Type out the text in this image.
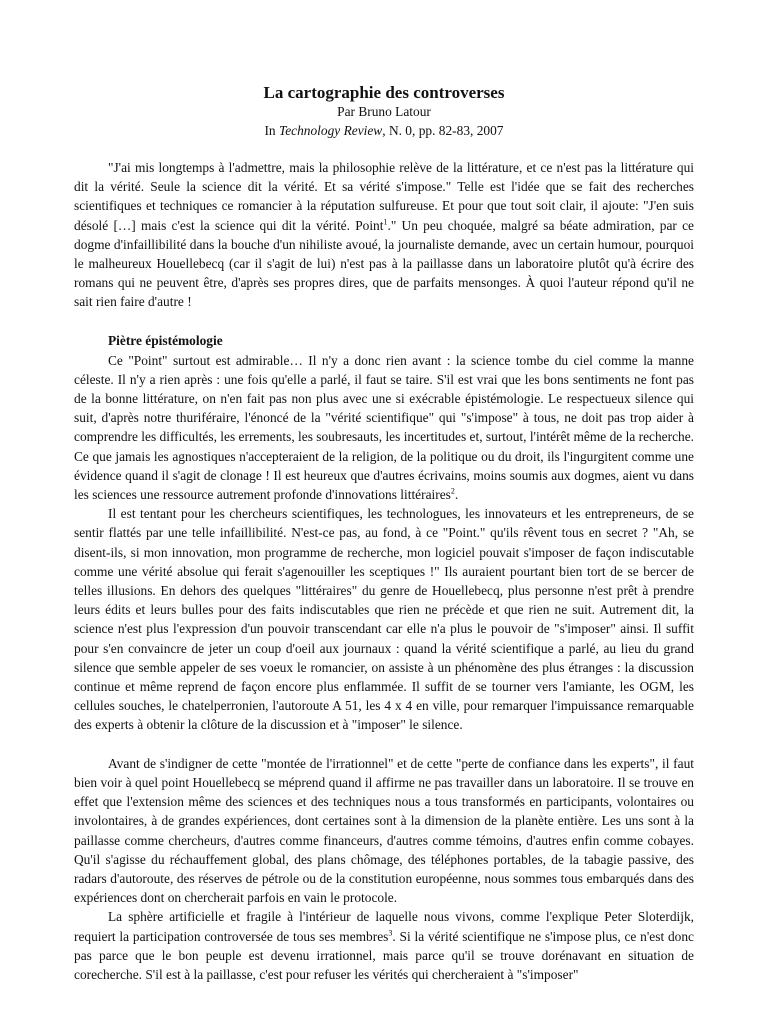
La cartographie des controverses
Par Bruno Latour
In Technology Review, N. 0, pp. 82-83, 2007

"J'ai mis longtemps à l'admettre, mais la philosophie relève de la littérature, et ce n'est pas la littérature qui dit la vérité. Seule la science dit la vérité. Et sa vérité s'impose." Telle est l'idée que se fait des recherches scientifiques et techniques ce romancier à la réputation sulfureuse. Et pour que tout soit clair, il ajoute: "J'en suis désolé […] mais c'est la science qui dit la vérité. Point$^1$." Un peu choquée, malgré sa béate admiration, par ce dogme d'infaillibilité dans la bouche d'un nihiliste avoué, la journaliste demande, avec un certain humour, pourquoi le malheureux Houellebecq (car il s'agit de lui) n'est pas à la paillasse dans un laboratoire plutôt qu'à écrire des romans qui ne peuvent être, d'après ses propres dires, que de parfaits mensonges. À quoi l'auteur répond qu'il ne sait rien faire d'autre !

Piètre épistémologie

Ce "Point" surtout est admirable… Il n'y a donc rien avant : la science tombe du ciel comme la manne céleste. Il n'y a rien après : une fois qu'elle a parlé, il faut se taire. S'il est vrai que les bons sentiments ne font pas de la bonne littérature, on n'en fait pas non plus avec une si exécrable épistémologie. Le respectueux silence qui suit, d'après notre thuriféraire, l'énoncé de la "vérité scientifique" qui "s'impose" à tous, ne doit pas trop aider à comprendre les difficultés, les errements, les soubresauts, les incertitudes et, surtout, l'intérêt même de la recherche. Ce que jamais les agnostiques n'accepteraient de la religion, de la politique ou du droit, ils l'ingurgitent comme une évidence quand il s'agit de clonage ! Il est heureux que d'autres écrivains, moins soumis aux dogmes, aient vu dans les sciences une ressource autrement profonde d'innovations littéraires$^2$.

Il est tentant pour les chercheurs scientifiques, les technologues, les innovateurs et les entrepreneurs, de se sentir flattés par une telle infaillibilité. N'est-ce pas, au fond, à ce "Point." qu'ils rêvent tous en secret ? "Ah, se disent-ils, si mon innovation, mon programme de recherche, mon logiciel pouvait s'imposer de façon indiscutable comme une vérité absolue qui ferait s'agenouiller les sceptiques !" Ils auraient pourtant bien tort de se bercer de telles illusions. En dehors des quelques "littéraires" du genre de Houellebecq, plus personne n'est prêt à prendre leurs édits et leurs bulles pour des faits indiscutables que rien ne précède et que rien ne suit. Autrement dit, la science n'est plus l'expression d'un pouvoir transcendant car elle n'a plus le pouvoir de "s'imposer" ainsi. Il suffit pour s'en convaincre de jeter un coup d'oeil aux journaux : quand la vérité scientifique a parlé, au lieu du grand silence que semble appeler de ses voeux le romancier, on assiste à un phénomène des plus étranges : la discussion continue et même reprend de façon encore plus enflammée. Il suffit de se tourner vers l'amiante, les OGM, les cellules souches, le chatelperronien, l'autoroute A 51, les 4 x 4 en ville, pour remarquer l'impuissance remarquable des experts à obtenir la clôture de la discussion et à "imposer" le silence.

Avant de s'indigner de cette "montée de l'irrationnel" et de cette "perte de confiance dans les experts", il faut bien voir à quel point Houellebecq se méprend quand il affirme ne pas travailler dans un laboratoire. Il se trouve en effet que l'extension même des sciences et des techniques nous a tous transformés en participants, volontaires ou involontaires, à de grandes expériences, dont certaines sont à la dimension de la planète entière. Les uns sont à la paillasse comme chercheurs, d'autres comme financeurs, d'autres comme témoins, d'autres enfin comme cobayes. Qu'il s'agisse du réchauffement global, des plans chômage, des téléphones portables, de la tabagie passive, des radars d'autoroute, des réserves de pétrole ou de la constitution européenne, nous sommes tous embarqués dans des expériences dont on chercherait parfois en vain le protocole.

La sphère artificielle et fragile à l'intérieur de laquelle nous vivons, comme l'explique Peter Sloterdijk, requiert la participation controversée de tous ses membres$^3$. Si la vérité scientifique ne s'impose plus, ce n'est donc pas parce que le bon peuple est devenu irrationnel, mais parce qu'il se trouve dorénavant en situation de corecherche. S'il est à la paillasse, c'est pour refuser les vérités qui chercheraient à "s'imposer"
